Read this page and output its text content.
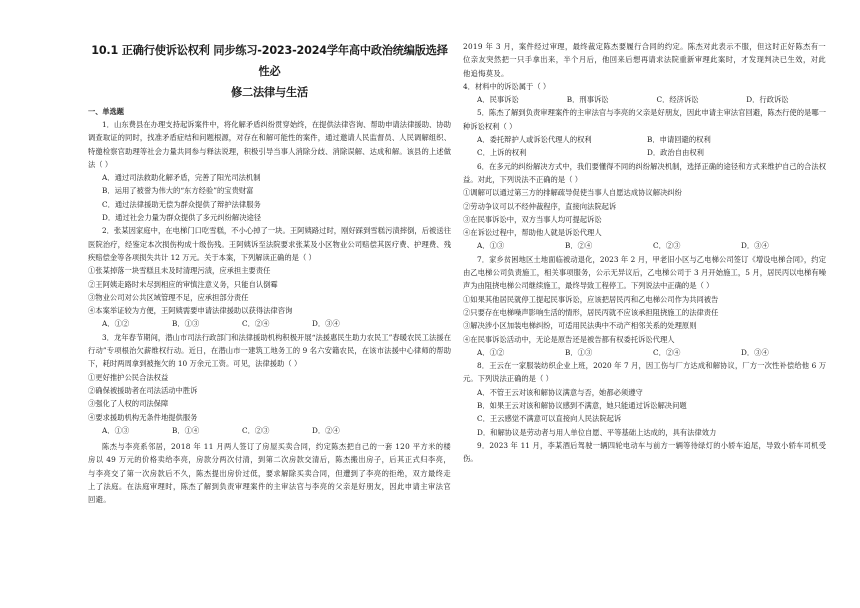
10.1 正确行使诉讼权利 同步练习-2023-2024学年高中政治统编版选择性必
修二法律与生活
一、单选题
1．山东费县在办理支持起诉案件中，将化解矛盾纠纷贯穿始终，在提供法律咨询、帮助申请法律援助、协助调查取证的同时，找准矛盾症结和问题根源，对存在和解可能性的案件，通过邀请人民监督员、人民调解组织、特邀检察官助理等社会力量共同参与释法说理，积极引导当事人消除分歧、消除误解、达成和解。该县的上述做法（ ）
A．通过司法救助化解矛盾，完善了阳光司法机制
B．运用了被誉为伟大的“东方经验”的宝贵财富
C．通过法律援助无偿为群众提供了辩护法律服务
D．通过社会力量为群众提供了多元纠纷解决途径
2．张某因家庭中，在电梯门口吃雪糕，不小心掉了一块。王阿姨路过时，刚好踩到雪糕污渍摔倒，后被送往医院治疗，经鉴定本次损伤构成十级伤残。王阿姨诉至法院要求张某及小区物业公司赔偿其医疗费、护理费、残疾赔偿金等各项损失共计 12 万元。关于本案，下列解读正确的是（ ）
①张某掉落一块雪糕且未及时清理污渍，应承担主要责任
②王阿姨走路时未尽到相应的审慎注意义务，只能自认倒霉
③物业公司对公共区域管理不足，应承担部分责任
④本案举证较为方便，王阿姨需要申请法律援助以获得法律咨询
A．①②	B．①③	C．②④	D．③④
3．龙年春节期间，潜山市司法行政部门和法律援助机构积极开展“法援惠民生助力农民工”春暖农民工法援在行动”专项根治欠薪维权行动。近日，在潜山市一建筑工地务工的 9 名六安籍农民，在该市法援中心律师的帮助下，耗时两周拿到被拖欠的 10 万余元工资。可见，法律援助（ ）
①更好推护公民合法权益
②确保被援助者在司法活动中胜诉
③强化了人权的司法保障
④要求援助机构无条件地提供服务
A．①③	B．①④	C．②③	D．②④
陈杰与李亮系邻居，2018 年 11 月两人签订了房屋买卖合同，约定陈杰把自己的一套 120 平方米的楼房以 49 万元的价格卖给李亮，房款分两次付清，到第二次房款交清后，陈杰搬出房子，后其正式归李亮，与李亮交了第一次房款后不久，陈杰提出房价过低，要求解除买卖合同，但遭到了李亮的拒绝，双方最终走上了法庭。在法庭审理时，陈杰了解到负责审理案件的主审法官与李亮的父亲是好朋友，因此申请主审法官回避。
2019 年 3 月，案件经过审理，最终裁定陈杰要履行合同的约定。陈杰对此表示不服，但这时正好陈杰有一位亲友突然把一只手拿出来，半个月后，他回来后想再请求法院重新审理此案时，才发现判决已生效，对此他追悔莫及。
4．材料中的诉讼属于（ ）
A．民事诉讼	B．刑事诉讼	C．经济诉讼	D．行政诉讼
5．陈杰了解到负责审理案件的主审法官与李亮的父亲是好朋友，因此申请主审法官回避，陈杰行使的是哪一种诉讼权利（ ）
A．委托辩护人或诉讼代理人的权利	B．申请回避的权利
C．上诉的权利	D．政治自由权利
6．在多元的纠纷解决方式中，我们要懂得不同的纠纷解决机制，选择正确的途径和方式来维护自己的合法权益。对此，下列说法不正确的是（ ）
①调解可以通过第三方的排解疏导促使当事人自愿达成协议解决纠纷
②劳动争议可以不经仲裁程序，直接向法院起诉
③在民事诉讼中，双方当事人均可提起诉讼
④在诉讼过程中，帮助他人就是诉讼代理人
A．①③	B．②④	C．②③	D．③④
7．家乡贫困地区土地面临被动退化，2023 年 2 月，甲老旧小区与乙电梯公司签订《增设电梯合同》，约定由乙电梯公司负责施工，相关事项服务，公示无异议后，乙电梯公司于 3 月开始施工，5 月，居民丙以电梯有噪声为由阻挠电梯公司继续施工，最终导致工程停工。下列说法中正确的是（ ）
①如果其他居民就停工提起民事诉讼，应该把居民丙和乙电梯公司作为共同被告
②只要存在电梯噪声影响生活的情形，居民丙就不应该承担阻挠施工的法律责任
③解决涉小区加装电梯纠纷，可适用民法典中不动产相邻关系的处理原则
④在民事诉讼活动中，无论是原告还是被告都有权委托诉讼代理人
A．①②	B．①③	C．②④	D．③④
8．王云在一家服装纺织企业上班，2020 年 7 月，因工伤与厂方达成和解协议，厂方一次性补偿给他 6 万元。下列说法正确的是（ ）
A．不管王云对该和解协议满意与否，她都必须遵守
B．如果王云对该和解协议感到不满意，她只能通过诉讼解决问题
C．王云感觉不满意可以直接向人民法院起诉
D．和解协议是劳动者与用人单位自愿、平等基础上达成的，具有法律效力
9．2023 年 11 月，李某酒后驾驶一辆四轮电动车与前方一辆等待绿灯的小轿车追尾，导致小轿车司机受伤。
